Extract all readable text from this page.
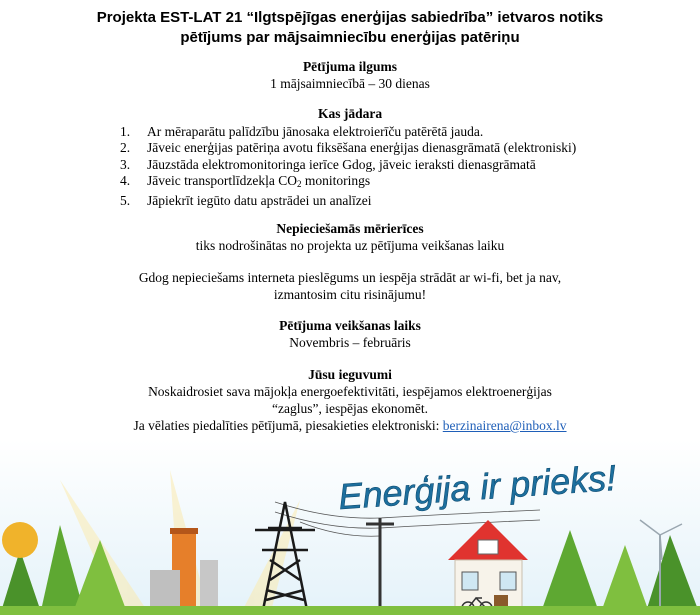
Projekta EST-LAT 21 “Ilgtspējīgas enerģijas sabiedrība” ietvaros notiks
pētījums par mājsaimniecību enerģijas patēriņu
Pētījuma ilgums
1 mājsaimniecībā – 30 dienas
Kas jādara
1.	Ar mēraparātu palīdzību jānosaka elektroierīču patērētā jauda.
2.	Jāveic enerģijas patēriņa avotu fiksēšana enerģijas dienasgrāmatā (elektroniski)
3.	Jāuzstāda elektromonitoringa ierīce Gdog, jāveic ieraksti dienasgrāmatā
4.	Jāveic transportlīdzekļa $CO_2$ monitorings
5.	Jāpiekrīt iegūto datu apstrādei un analīzei
Nepieciešamās mērierīces
tiks nodrošinātas no projekta uz pētījuma veikšanas laiku
Gdog nepieciešams interneta pieslēgums un iespēja strādāt ar wi-fi, bet ja nav,
izmantosim citu risinājumu!
Pētījuma veikšanas laiks
Novembris – februāris
Jūsu ieguvumi
Noskaidrosiet sava mājokļa energoefektivitāti, iespējamos elektroenerģijas
“zaglus”, iespējas ekonomēt.
Ja vēlaties piedalīties pētījumā, piesakieties elektroniski: berzinairena@inbox.lv
Enerģija ir prieks!
